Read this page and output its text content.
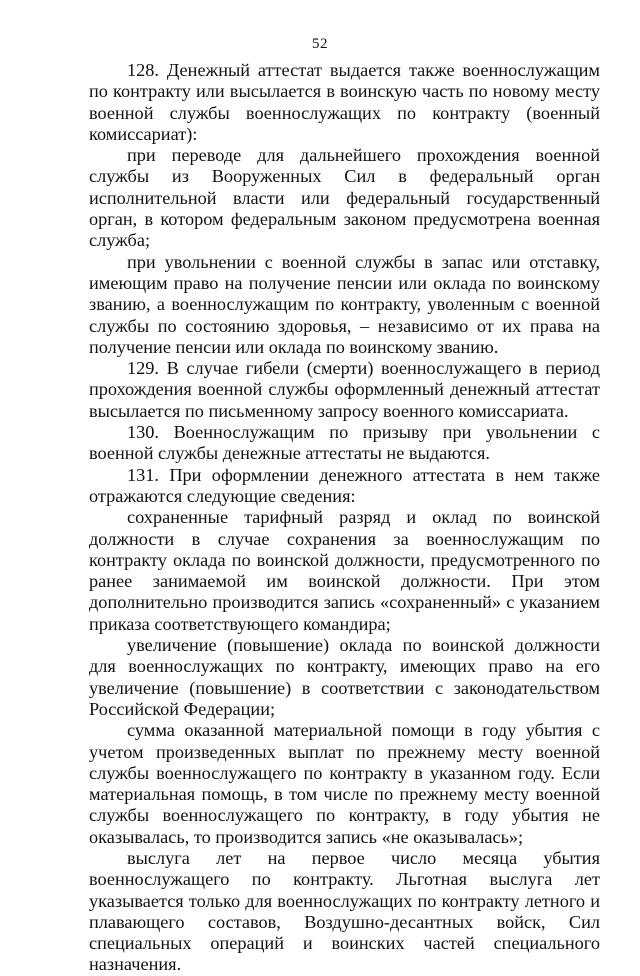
52

128. Денежный аттестат выдается также военнослужащим по контракту или высылается в воинскую часть по новому месту военной службы военнослужащих по контракту (военный комиссариат):

при переводе для дальнейшего прохождения военной службы из Вооруженных Сил в федеральный орган исполнительной власти или федеральный государственный орган, в котором федеральным законом предусмотрена военная служба;

при увольнении с военной службы в запас или отставку, имеющим право на получение пенсии или оклада по воинскому званию, а военнослужащим по контракту, уволенным с военной службы по состоянию здоровья, – независимо от их права на получение пенсии или оклада по воинскому званию.

129. В случае гибели (смерти) военнослужащего в период прохождения военной службы оформленный денежный аттестат высылается по письменному запросу военного комиссариата.

130. Военнослужащим по призыву при увольнении с военной службы денежные аттестаты не выдаются.

131. При оформлении денежного аттестата в нем также отражаются следующие сведения:

сохраненные тарифный разряд и оклад по воинской должности в случае сохранения за военнослужащим по контракту оклада по воинской должности, предусмотренного по ранее занимаемой им воинской должности. При этом дополнительно производится запись «сохраненный» с указанием приказа соответствующего командира;

увеличение (повышение) оклада по воинской должности для военнослужащих по контракту, имеющих право на его увеличение (повышение) в соответствии с законодательством Российской Федерации;

сумма оказанной материальной помощи в году убытия с учетом произведенных выплат по прежнему месту военной службы военнослужащего по контракту в указанном году. Если материальная помощь, в том числе по прежнему месту военной службы военнослужащего по контракту, в году убытия не оказывалась, то производится запись «не оказывалась»;

выслуга лет на первое число месяца убытия военнослужащего по контракту. Льготная выслуга лет указывается только для военнослужащих по контракту летного и плавающего составов, Воздушно-десантных войск, Сил специальных операций и воинских частей специального назначения.
